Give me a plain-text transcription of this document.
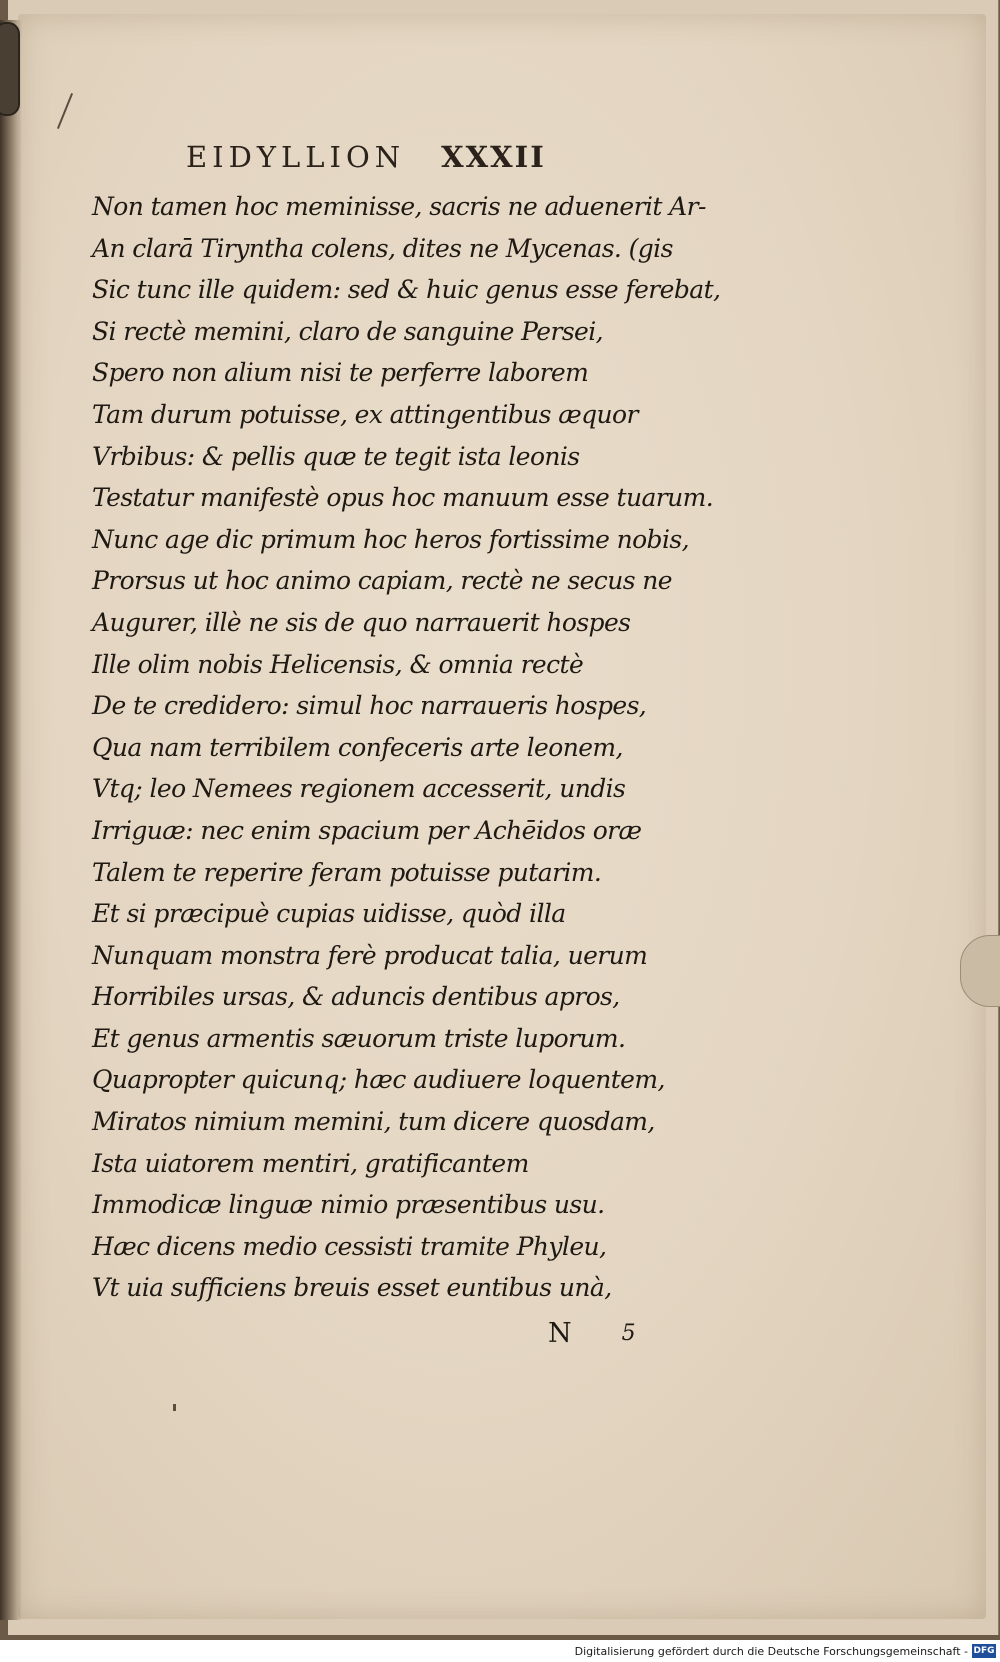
EIDYLLION XXXII
Non tamen hoc meminisse, sacris ne aduenerit Ar-
An clarā Tiryntha colens, dites ne Mycenas. (gis
Sic tunc ille quidem: sed & huic genus esse ferebat,
Si rectè memini, claro de sanguine Persei,
Spero non alium nisi te perferre laborem
Tam durum potuisse, ex attingentibus æquor
Vrbibus: & pellis quæ te tegit ista leonis
Testatur manifestè opus hoc manuum esse tuarum.
Nunc age dic primum hoc heros fortissime nobis,
Prorsus ut hoc animo capiam, rectè ne secus ne
Augurer, illè ne sis de quo narrauerit hospes
Ille olim nobis Helicensis, & omnia rectè
De te credidero: simul hoc narraueris hospes,
Qua nam terribilem confeceris arte leonem,
Vtq; leo Nemees regionem accesserit, undis
Irriguæ: nec enim spacium per Achēidos oræ
Talem te reperire feram potuisse putarim.
Et si præcipuè cupias uidisse, quòd illa
Nunquam monstra ferè producat talia, uerum
Horribiles ursas, & aduncis dentibus apros,
Et genus armentis sæuorum triste luporum.
Quapropter quicunq; hæc audiuere loquentem,
Miratos nimium memini, tum dicere quosdam,
Ista uiatorem mentiri, gratificantem
Immodicæ linguæ nimio præsentibus usu.
Hæc dicens medio cessisti tramite Phyleu,
Vt uia sufficiens breuis esset euntibus unà,
N 5
Digitalisierung gefördert durch die Deutsche Forschungsgemeinschaft - DFG
